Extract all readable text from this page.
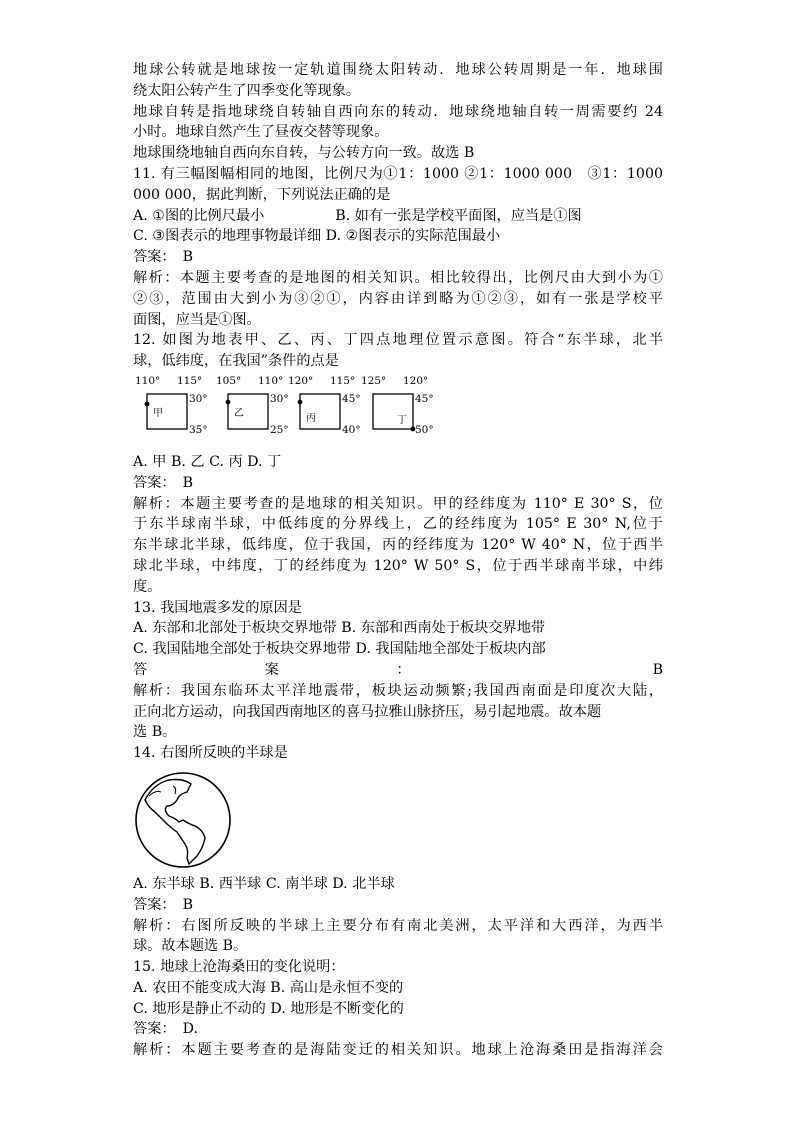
地球公转就是地球按一定轨道围绕太阳转动．地球公转周期是一年．地球围
绕太阳公转产生了四季变化等现象。
地球自转是指地球绕自转轴自西向东的转动．地球绕地轴自转一周需要约 24
小时。地球自然产生了昼夜交替等现象。
地球围绕地轴自西向东自转，与公转方向一致。故选 B
11. 有三幅图幅相同的地图，比例尺为①1：1000 ②1：1000 000　③1：1000
000 000，据此判断，下列说法正确的是
A. ①图的比例尺最小　　　　　B. 如有一张是学校平面图，应当是①图
C. ③图表示的地理事物最详细 D. ②图表示的实际范围最小
答案：　B
解析：本题主要考查的是地图的相关知识。相比较得出，比例尺由大到小为①
②③，范围由大到小为③②①，内容由详到略为①②③，如有一张是学校平
面图，应当是①图。
12. 如图为地表甲、乙、丙、丁四点地理位置示意图。符合“东半球，北半
球，低纬度，在我国”条件的点是
110° 115°
30°
35°
甲
105° 110°
30°
25°
乙
120° 115°
45°
40°
丙
125° 120°
45°
50°
丁
A. 甲 B. 乙 C. 丙 D. 丁
答案：　B
解析：本题主要考查的是地球的相关知识。甲的经纬度为 110° E 30° S，位
于东半球南半球，中低纬度的分界线上，乙的经纬度为 105° E 30° N,位于
东半球北半球，低纬度，位于我国，丙的经纬度为 120° W 40° N，位于西半
球北半球，中纬度，丁的经纬度为 120° W 50° S，位于西半球南半球，中纬
度。
13. 我国地震多发的原因是
A. 东部和北部处于板块交界地带 B. 东部和西南处于板块交界地带
C. 我国陆地全部处于板块交界地带 D. 我国陆地全部处于板块内部
答案：　B
解析：我国东临环太平洋地震带，板块运动频繁;我国西南面是印度次大陆，
正向北方运动，向我国西南地区的喜马拉雅山脉挤压，易引起地震。故本题
选 B。
14. 右图所反映的半球是
A. 东半球 B. 西半球 C. 南半球 D. 北半球
答案：　B
解析：右图所反映的半球上主要分布有南北美洲，太平洋和大西洋，为西半
球。故本题选 B。
15. 地球上沧海桑田的变化说明：
A. 农田不能变成大海 B. 高山是永恒不变的
C. 地形是静止不动的 D. 地形是不断变化的
答案：　D.
解析：本题主要考查的是海陆变迁的相关知识。地球上沧海桑田是指海洋会
